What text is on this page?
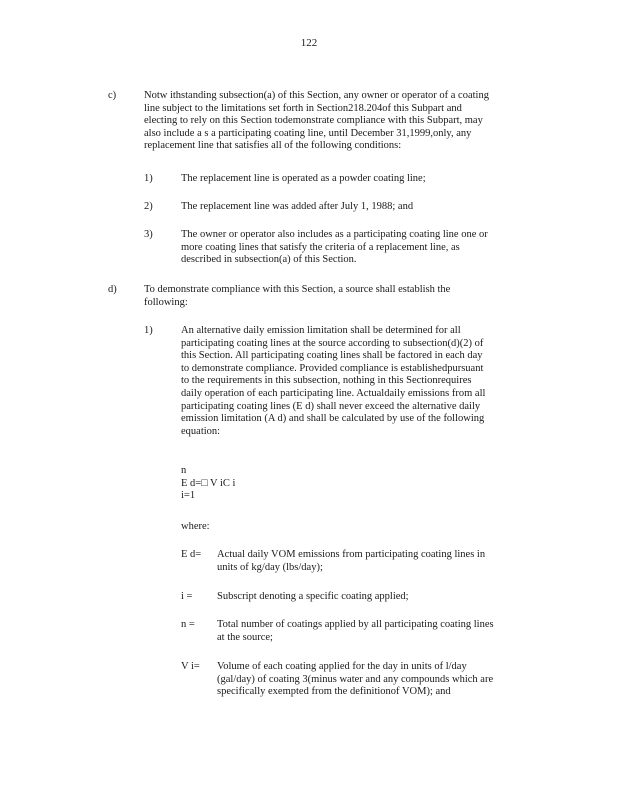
122
c)	Notw ithstanding subsection(a) of this Section, any owner or operator of a coating
line subject to the limitations set forth in Section218.204of this Subpart and
electing to rely on this Section todemonstrate compliance with this Subpart, may
also include a s a participating coating line, until December 31,1999,only, any
replacement line that satisfies all of the following conditions:
1)	The replacement line is operated as a powder coating line;
2)	The replacement line was added after July 1, 1988; and
3)	The owner or operator also includes as a participating coating line one or
more coating lines that satisfy the criteria of a replacement line, as
described in subsection(a) of this Section.
d)	To demonstrate compliance with this Section, a source shall establish the
following:
1)	An alternative daily emission limitation shall be determined for all
participating coating lines at the source according to subsection(d)(2) of
this Section. All participating coating lines shall be factored in each day
to demonstrate compliance. Provided compliance is establishedpursuant
to the requirements in this subsection, nothing in this Sectionrequires
daily operation of each participating line. Actualdaily emissions from all
participating coating lines (E d) shall never exceed the alternative daily
emission limitation (A d) and shall be calculated by use of the following
equation:
n
E d=□ V iC i
i=1
where:
E d= Actual daily VOM emissions from participating coating lines in
units of kg/day (lbs/day);
i = Subscript denoting a specific coating applied;
n = Total number of coatings applied by all participating coating lines
at the source;
V i= Volume of each coating applied for the day in units of l/day
(gal/day) of coating 3(minus water and any compounds which are
specifically exempted from the definitionof VOM); and
